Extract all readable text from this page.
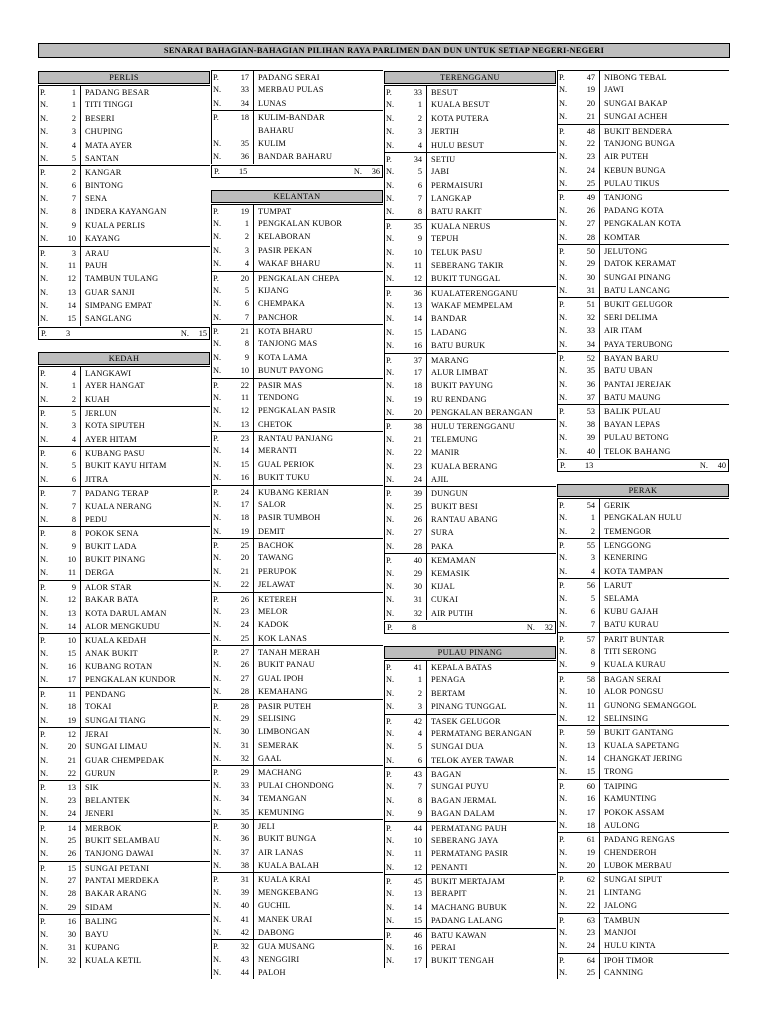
SENARAI BAHAGIAN-BAHAGIAN PILIHAN RAYA PARLIMEN DAN DUN UNTUK SETIAP NEGERI-NEGERI
PERLIS
P.	1 PADANG BESAR
N.	1 TITI TINGGI
N.	2 BESERI
N.	3 CHUPING
N.	4 MATA AYER
N.	5 SANTAN
P.	2 KANGAR
N.	6 BINTONG
N.	7 SENA
N.	8 INDERA KAYANGAN
N.	9 KUALA PERLIS
N. 10 KAYANG
P.	3 ARAU
N. 11 PAUH
N. 12 TAMBUN TULANG
N. 13 GUAR SANJI
N. 14 SIMPANG EMPAT
N. 15 SANGLANG
P. 3	N. 15
KEDAH
P.	4 LANGKAWI
N.	1 AYER HANGAT
N.	2 KUAH
P.	5 JERLUN
N.	3 KOTA SIPUTEH
N.	4 AYER HITAM
P.	6 KUBANG PASU
N.	5 BUKIT KAYU HITAM
N.	6 JITRA
P.	7 PADANG TERAP
N.	7 KUALA NERANG
N.	8 PEDU
P.	8 POKOK SENA
N.	9 BUKIT LADA
N. 10 BUKIT PINANG
N. 11 DERGA
P.	9 ALOR STAR
N. 12 BAKAR BATA
N. 13 KOTA DARUL AMAN
N. 14 ALOR MENGKUDU
P.	10 KUALA KEDAH
N. 15 ANAK BUKIT
N. 16 KUBANG ROTAN
N. 17 PENGKALAN KUNDOR
P.	11 PENDANG
N. 18 TOKAI
N. 19 SUNGAI TIANG
P.	12 JERAI
N. 20 SUNGAI LIMAU
N. 21 GUAR CHEMPEDAK
N. 22 GURUN
P.	13 SIK
N. 23 BELANTEK
N. 24 JENERI
P.	14 MERBOK
N. 25 BUKIT SELAMBAU
N. 26 TANJONG DAWAI
P.	15 SUNGAI PETANI
N. 27 PANTAI MERDEKA
N. 28 BAKAR ARANG
N. 29 SIDAM
P.	16 BALING
N. 30 BAYU
N. 31 KUPANG
N. 32 KUALA KETIL
P.	17 PADANG SERAI
N. 33 MERBAU PULAS
N. 34 LUNAS
P.	18 KULIM-BANDAR
BAHARU
N. 35 KULIM
N. 36 BANDAR BAHARU
P. 15	N. 36
KELANTAN
P.	19 TUMPAT
N.	1 PENGKALAN KUBOR
N.	2 KELABORAN
N.	3 PASIR PEKAN
N.	4 WAKAF BHARU
P.	20 PENGKALAN CHEPA
N.	5 KIJANG
N.	6 CHEMPAKA
N.	7 PANCHOR
P.	21 KOTA BHARU
N.	8 TANJONG MAS
N.	9 KOTA LAMA
N. 10 BUNUT PAYONG
P.	22 PASIR MAS
N. 11 TENDONG
N. 12 PENGKALAN PASIR
N. 13 CHETOK
P.	23 RANTAU PANJANG
N. 14 MERANTI
N. 15 GUAL PERIOK
N. 16 BUKIT TUKU
P.	24 KUBANG KERIAN
N. 17 SALOR
N. 18 PASIR TUMBOH
N. 19 DEMIT
P.	25 BACHOK
N. 20 TAWANG
N. 21 PERUPOK
N. 22 JELAWAT
P.	26 KETEREH
N. 23 MELOR
N. 24 KADOK
N. 25 KOK LANAS
P.	27 TANAH MERAH
N. 26 BUKIT PANAU
N. 27 GUAL IPOH
N. 28 KEMAHANG
P.	28 PASIR PUTEH
N. 29 SELISING
N. 30 LIMBONGAN
N. 31 SEMERAK
N. 32 GAAL
P.	29 MACHANG
N. 33 PULAI CHONDONG
N. 34 TEMANGAN
N. 35 KEMUNING
P.	30 JELI
N. 36 BUKIT BUNGA
N. 37 AIR LANAS
N. 38 KUALA BALAH
P.	31 KUALA KRAI
N. 39 MENGKEBANG
N. 40 GUCHIL
N. 41 MANEK URAI
N. 42 DABONG
P.	32 GUA MUSANG
N. 43 NENGGIRI
N. 44 PALOH
TERENGGANU
P.	33 BESUT
N.	1 KUALA BESUT
N.	2 KOTA PUTERA
N.	3 JERTIH
N.	4 HULU BESUT
P.	34 SETIU
N.	5 JABI
N.	6 PERMAISURI
N.	7 LANGKAP
N.	8 BATU RAKIT
P.	35 KUALA NERUS
N.	9 TEPUH
N. 10 TELUK PASU
N. 11 SEBERANG TAKIR
N. 12 BUKIT TUNGGAL
P.	36 KUALATERENGGANU
N. 13 WAKAF MEMPELAM
N. 14 BANDAR
N. 15 LADANG
N. 16 BATU BURUK
P.	37 MARANG
N. 17 ALUR LIMBAT
N. 18 BUKIT PAYUNG
N. 19 RU RENDANG
N. 20 PENGKALAN BERANGAN
P.	38 HULU TERENGGANU
N. 21 TELEMUNG
N. 22 MANIR
N. 23 KUALA BERANG
N. 24 AJIL
P.	39 DUNGUN
N. 25 BUKIT BESI
N. 26 RANTAU ABANG
N. 27 SURA
N. 28 PAKA
P.	40 KEMAMAN
N. 29 KEMASIK
N. 30 KIJAL
N. 31 CUKAI
N. 32 AIR PUTIH
P. 8	N. 32
PULAU PINANG
P.	41 KEPALA BATAS
N.	1 PENAGA
N.	2 BERTAM
N.	3 PINANG TUNGGAL
P.	42 TASEK GELUGOR
N.	4 PERMATANG BERANGAN
N.	5 SUNGAI DUA
N.	6 TELOK AYER TAWAR
P.	43 BAGAN
N.	7 SUNGAI PUYU
N.	8 BAGAN JERMAL
N.	9 BAGAN DALAM
P.	44 PERMATANG PAUH
N. 10 SEBERANG JAYA
N. 11 PERMATANG PASIR
N. 12 PENANTI
P.	45 BUKIT MERTAJAM
N. 13 BERAPIT
N. 14 MACHANG BUBUK
N. 15 PADANG LALANG
P.	46 BATU KAWAN
N. 16 PERAI
N. 17 BUKIT TENGAH
P.	47 NIBONG TEBAL
N. 19 JAWI
N. 20 SUNGAI BAKAP
N. 21 SUNGAI ACHEH
P.	48 BUKIT BENDERA
N. 22 TANJONG BUNGA
N. 23 AIR PUTEH
N. 24 KEBUN BUNGA
N. 25 PULAU TIKUS
P.	49 TANJONG
N. 26 PADANG KOTA
N. 27 PENGKALAN KOTA
N. 28 KOMTAR
P.	50 JELUTONG
N. 29 DATOK KERAMAT
N. 30 SUNGAI PINANG
N. 31 BATU LANCANG
P.	51 BUKIT GELUGOR
N. 32 SERI DELIMA
N. 33 AIR ITAM
N. 34 PAYA TERUBONG
P.	52 BAYAN BARU
N. 35 BATU UBAN
N. 36 PANTAI JEREJAK
N. 37 BATU MAUNG
P.	53 BALIK PULAU
N. 38 BAYAN LEPAS
N. 39 PULAU BETONG
N. 40 TELOK BAHANG
P. 13	N. 40
PERAK
P.	54 GERIK
N.	1 PENGKALAN HULU
N.	2 TEMENGOR
P.	55 LENGGONG
N.	3 KENERING
N.	4 KOTA TAMPAN
P.	56 LARUT
N.	5 SELAMA
N.	6 KUBU GAJAH
N.	7 BATU KURAU
P.	57 PARIT BUNTAR
N.	8 TITI SERONG
N.	9 KUALA KURAU
P.	58 BAGAN SERAI
N. 10 ALOR PONGSU
N. 11 GUNONG SEMANGGOL
N. 12 SELINSING
P.	59 BUKIT GANTANG
N. 13 KUALA SAPETANG
N. 14 CHANGKAT JERING
N. 15 TRONG
P.	60 TAIPING
N. 16 KAMUNTING
N. 17 POKOK ASSAM
N. 18 AULONG
P.	61 PADANG RENGAS
N. 19 CHENDEROH
N. 20 LUBOK MERBAU
P.	62 SUNGAI SIPUT
N. 21 LINTANG
N. 22 JALONG
P.	63 TAMBUN
N. 23 MANJOI
N. 24 HULU KINTA
P.	64 IPOH TIMOR
N. 25 CANNING
